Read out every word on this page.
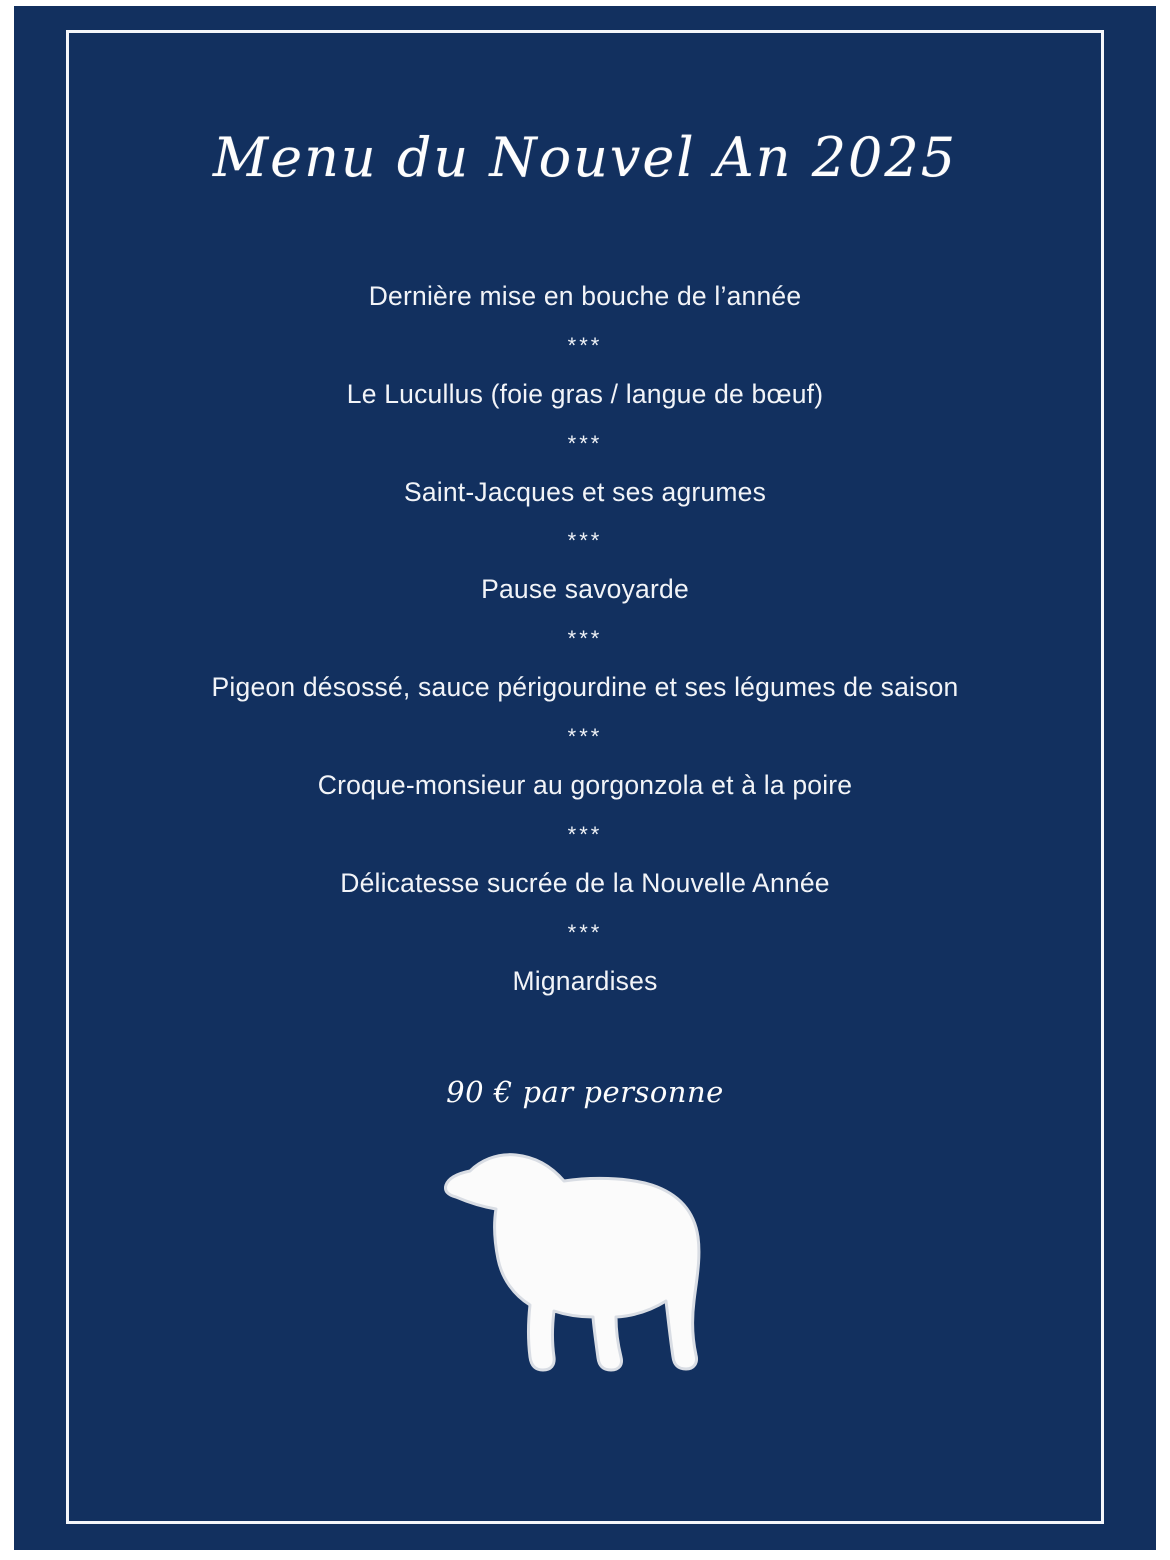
Menu du Nouvel An 2025
Dernière mise en bouche de l’année
***
Le Lucullus (foie gras / langue de bœuf)
***
Saint-Jacques et ses agrumes
***
Pause savoyarde
***
Pigeon désossé, sauce périgourdine et ses légumes de saison
***
Croque-monsieur au gorgonzola et à la poire
***
Délicatesse sucrée de la Nouvelle Année
***
Mignardises
90 € par personne
